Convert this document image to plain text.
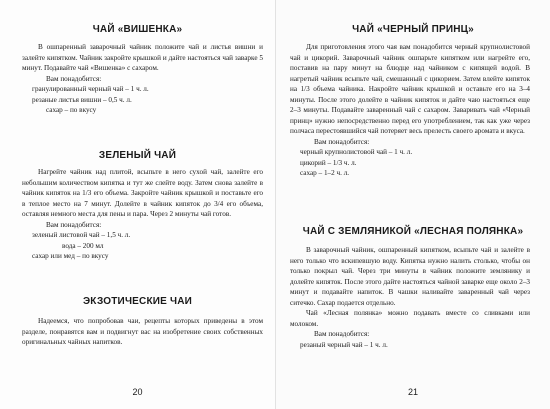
ЧАЙ «ВИШЕНКА»

В ошпаренный заварочный чайник положите чай и листья вишни и залейте кипятком. Чайник закройте крышкой и дайте настояться чай заварке 5 минут. Подавайте чай «Вишенка» с сахаром.

Вам понадобится:

гранулированный черный чай – 1 ч. л.

резаные листья вишни – 0,5 ч. л.

сахар – по вкусу

ЗЕЛЕНЫЙ ЧАЙ

Нагрейте чайник над плитой, всыпьте в него сухой чай, залейте его небольшим количеством кипятка и тут же слейте воду. Затем снова залейте в чайник кипяток на 1/3 его объема. Закройте чайник крышкой и поставьте его в теплое место на 7 минут. Долейте в чайник кипяток до 3/4 его объема, оставляя немного места для пены и пара. Через 2 минуты чай готов.

Вам понадобится:

зеленый листовой чай – 1,5 ч. л.

вода – 200 мл

сахар или мед – по вкусу

ЭКЗОТИЧЕСКИЕ ЧАИ

Надеемся, что попробовав чаи, рецепты которых приведены в этом разделе, понравятся вам и подвигнут вас на изобретение своих собственных оригинальных чайных напитков.

20

ЧАЙ «ЧЕРНЫЙ ПРИНЦ»

Для приготовления этого чая вам понадобится черный крупнолистовой чай и цикорий. Заварочный чайник ошпарьте кипятком или нагрейте его, поставив на пару минут на блюдце над чайником с кипящей водой. В нагретый чайник всыпьте чай, смешанный с цикорием. Затем влейте кипяток на 1/3 объема чайника. Накройте чайник крышкой и оставьте его на 3–4 минуты. После этого долейте в чайник кипяток и дайте чаю настояться еще 2–3 минуты. Подавайте заваренный чай с сахаром. Заваривать чай «Черный принц» нужно непосредственно перед его употреблением, так как уже через полчаса перестоявшийся чай потеряет весь прелесть своего аромата и вкуса.

Вам понадобится:

черный крупнолистовой чай – 1 ч. л.

цикорий – 1/3 ч. л.

сахар – 1–2 ч. л.

ЧАЙ С ЗЕМЛЯНИКОЙ «ЛЕСНАЯ ПОЛЯНКА»

В заварочный чайник, ошпаренный кипятком, всыпьте чай и залейте в него только что вскипевшую воду. Кипятка нужно налить столько, чтобы он только покрыл чай. Через три минуты в чайник положите землянику и долейте кипяток. После этого дайте настояться чайной заварке еще около 2–3 минут и подавайте напиток. В чашки наливайте заваренный чай через ситечко. Сахар подается отдельно.

Чай «Лесная полянка» можно подавать вместе со сливками или молоком.

Вам понадобится:

резаный черный чай – 1 ч. л.

21
